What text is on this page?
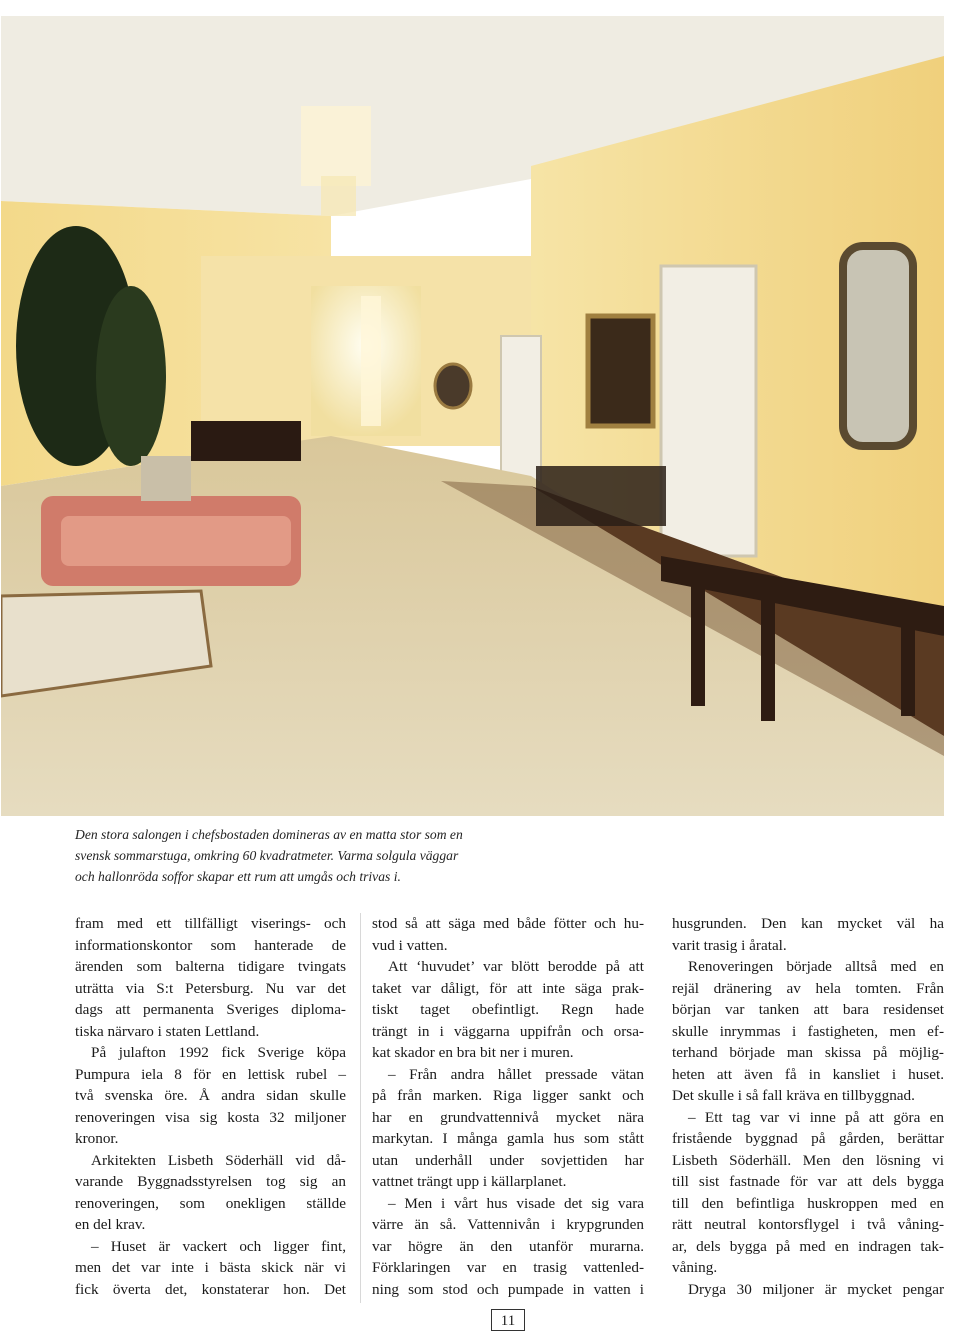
Den stora salongen i chefsbostaden domineras av en matta stor som en
svensk sommarstuga, omkring 60 kvadratmeter. Varma solgula väggar
och hallonröda soffor skapar ett rum att umgås och trivas i.
fram med ett tillfälligt viserings- och
informationskontor som hanterade de
ärenden som balterna tidigare tvingats
uträtta via S:t Petersburg. Nu var det
dags att permanenta Sveriges diploma-
tiska närvaro i staten Lettland.
På julafton 1992 fick Sverige köpa
Pumpura iela 8 för en lettisk rubel –
två svenska öre. Å andra sidan skulle
renoveringen visa sig kosta 32 miljoner
kronor.
Arkitekten Lisbeth Söderhäll vid då-
varande Byggnadsstyrelsen tog sig an
renoveringen, som onekligen ställde
en del krav.
– Huset är vackert och ligger fint,
men det var inte i bästa skick när vi
fick överta det, konstaterar hon. Det
stod så att säga med både fötter och hu-
vud i vatten.
Att ‘huvudet’ var blött berodde på att
taket var dåligt, för att inte säga prak-
tiskt taget obefintligt. Regn hade
trängt in i väggarna uppifrån och orsa-
kat skador en bra bit ner i muren.
– Från andra hållet pressade vätan
på från marken. Riga ligger sankt och
har en grundvattennivå mycket nära
markytan. I många gamla hus som stått
utan underhåll under sovjettiden har
vattnet trängt upp i källarplanet.
– Men i vårt hus visade det sig vara
värre än så. Vattennivån i krypgrunden
var högre än den utanför murarna.
Förklaringen var en trasig vattenled-
ning som stod och pumpade in vatten i
husgrunden. Den kan mycket väl ha
varit trasig i åratal.
Renoveringen började alltså med en
rejäl dränering av hela tomten. Från
början var tanken att bara residenset
skulle inrymmas i fastigheten, men ef-
terhand började man skissa på möjlig-
heten att även få in kansliet i huset.
Det skulle i så fall kräva en tillbyggnad.
– Ett tag var vi inne på att göra en
fristående byggnad på gården, berättar
Lisbeth Söderhäll. Men den lösning vi
till sist fastnade för var att dels bygga
till den befintliga huskroppen med en
rätt neutral kontorsflygel i två våning-
ar, dels bygga på med en indragen tak-
våning.
Dryga 30 miljoner är mycket pengar
11
